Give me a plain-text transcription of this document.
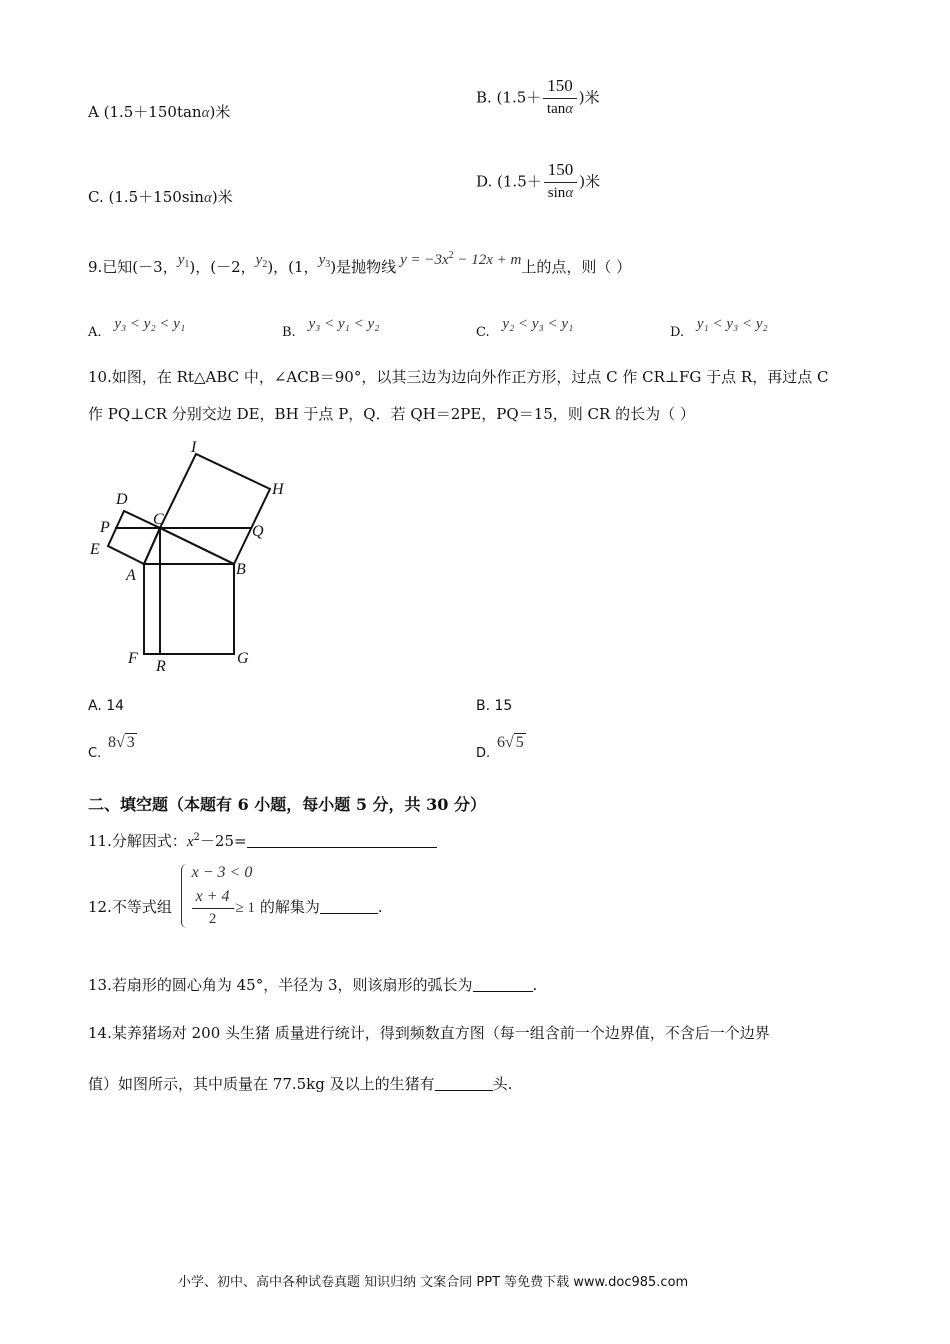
A (1.5＋150tanα)米
B. ($1.5+ \frac{150}{\tan\alpha}$ )米
C. (1.5＋150sinα)米
D. ($1.5+ \frac{150}{\sin\alpha}$ )米
9.已知(－3，$y_1$)，(－2，$y_2$)，(1，$y_3$)是抛物线 $y = -3x^2 - 12x + m$上的点，则（ ）
A. y₃ < y₂ < y₁
B. y₃ < y₁ < y₂
C. y₂ < y₃ < y₁
D. y₁ < y₃ < y₂
10.如图，在 Rt△ABC 中，∠ACB＝90°，以其三边为边向外作正方形，过点 C 作 CR⊥FG 于点 R，再过点 C
作 PQ⊥CR 分别交边 DE，BH 于点 P，Q．若 QH＝2PE，PQ＝15，则 CR 的长为（ ）
I
H
D
C
P	Q
E
A	B
F R	G
A. 14	B. 15
C. 8√ 3
D. 6√ 5
二、填空题（本题有 6 小题，每小题 5 分，共 30 分）
11.分解因式：$x^2-25=$
12.不等式组
x − 3 < 0
$\frac{x + 4}{2} \ge 1$ 的解集为	.
13.若扇形的圆心角为 45°，半径为 3，则该扇形的弧长为	.
14.某养猪场对 200 头生猪 质量进行统计，得到频数直方图（每一组含前一个边界值，不含后一个边界
值）如图所示，其中质量在 77.5kg 及以上的生猪有	头.
小学、初中、高中各种试卷真题 知识归纳 文案合同 PPT 等免费下载 www.doc985.com
